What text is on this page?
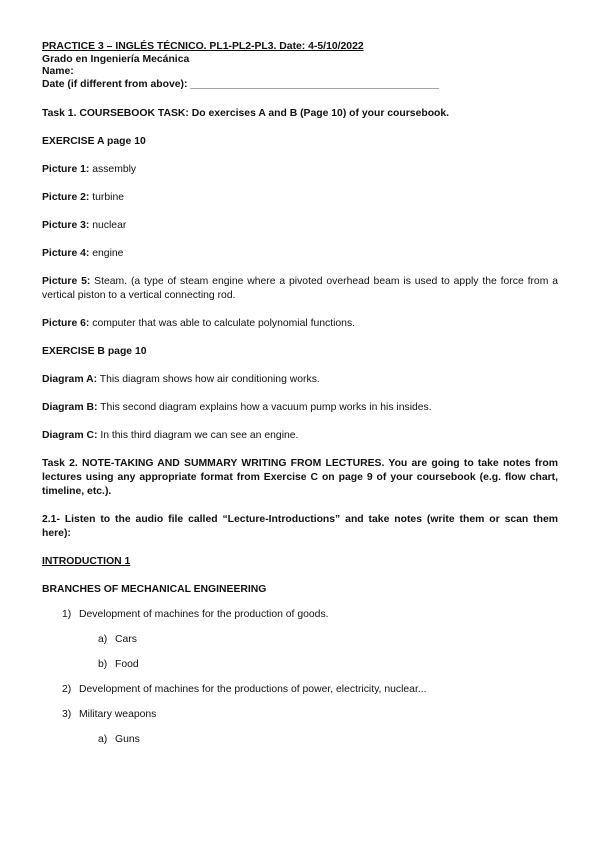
PRACTICE 3 – INGLÉS TÉCNICO. PL1-PL2-PL3. Date: 4-5/10/2022
Grado en Ingeniería Mecánica
Name:
Date (if different from above): ___________________________________________
Task 1. COURSEBOOK TASK: Do exercises A and B (Page 10) of your coursebook.
EXERCISE A page 10
Picture 1: assembly
Picture 2: turbine
Picture 3: nuclear
Picture 4: engine
Picture 5: Steam. (a type of steam engine where a pivoted overhead beam is used to apply the force from a vertical piston to a vertical connecting rod.
Picture 6: computer that was able to calculate polynomial functions.
EXERCISE B page 10
Diagram A: This diagram shows how air conditioning works.
Diagram B: This second diagram explains how a vacuum pump works in his insides.
Diagram C: In this third diagram we can see an engine.
Task 2. NOTE-TAKING AND SUMMARY WRITING FROM LECTURES. You are going to take notes from lectures using any appropriate format from Exercise C on page 9 of your coursebook (e.g. flow chart, timeline, etc.).
2.1- Listen to the audio file called “Lecture-Introductions” and take notes (write them or scan them here):
INTRODUCTION 1
BRANCHES OF MECHANICAL ENGINEERING
1) Development of machines for the production of goods.
a) Cars
b) Food
2) Development of machines for the productions of power, electricity, nuclear...
3) Military weapons
a) Guns
